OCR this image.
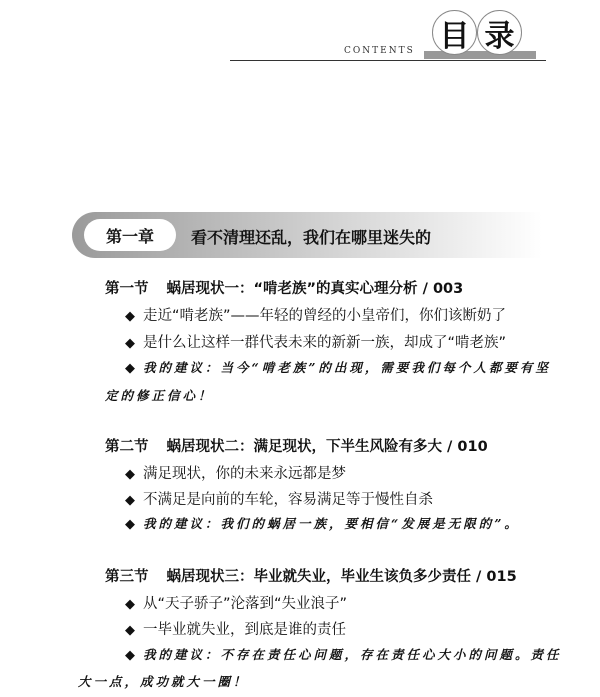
CONTENTS 目 录
第一章	看不清理还乱，我们在哪里迷失的
第一节 蜗居现状一：“啃老族”的真实心理分析 / 003
◆ 走近“啃老族”——年轻的曾经的小皇帝们，你们该断奶了
◆ 是什么让这样一群代表未来的新新一族，却成了“啃老族”
◆ 我的建议：当今“啃老族”的出现，需要我们每个人都要有坚
定的修正信心！
第二节 蜗居现状二：满足现状，下半生风险有多大 / 010
◆ 满足现状，你的未来永远都是梦
◆ 不满足是向前的车轮，容易满足等于慢性自杀
◆ 我的建议：我们的蜗居一族，要相信“发展是无限的”。
第三节 蜗居现状三：毕业就失业，毕业生该负多少责任 / 015
◆ 从“天子骄子”沦落到“失业浪子”
◆ 一毕业就失业，到底是谁的责任
◆ 我的建议：不存在责任心问题，存在责任心大小的问题。责任
大一点，成功就大一圈！
